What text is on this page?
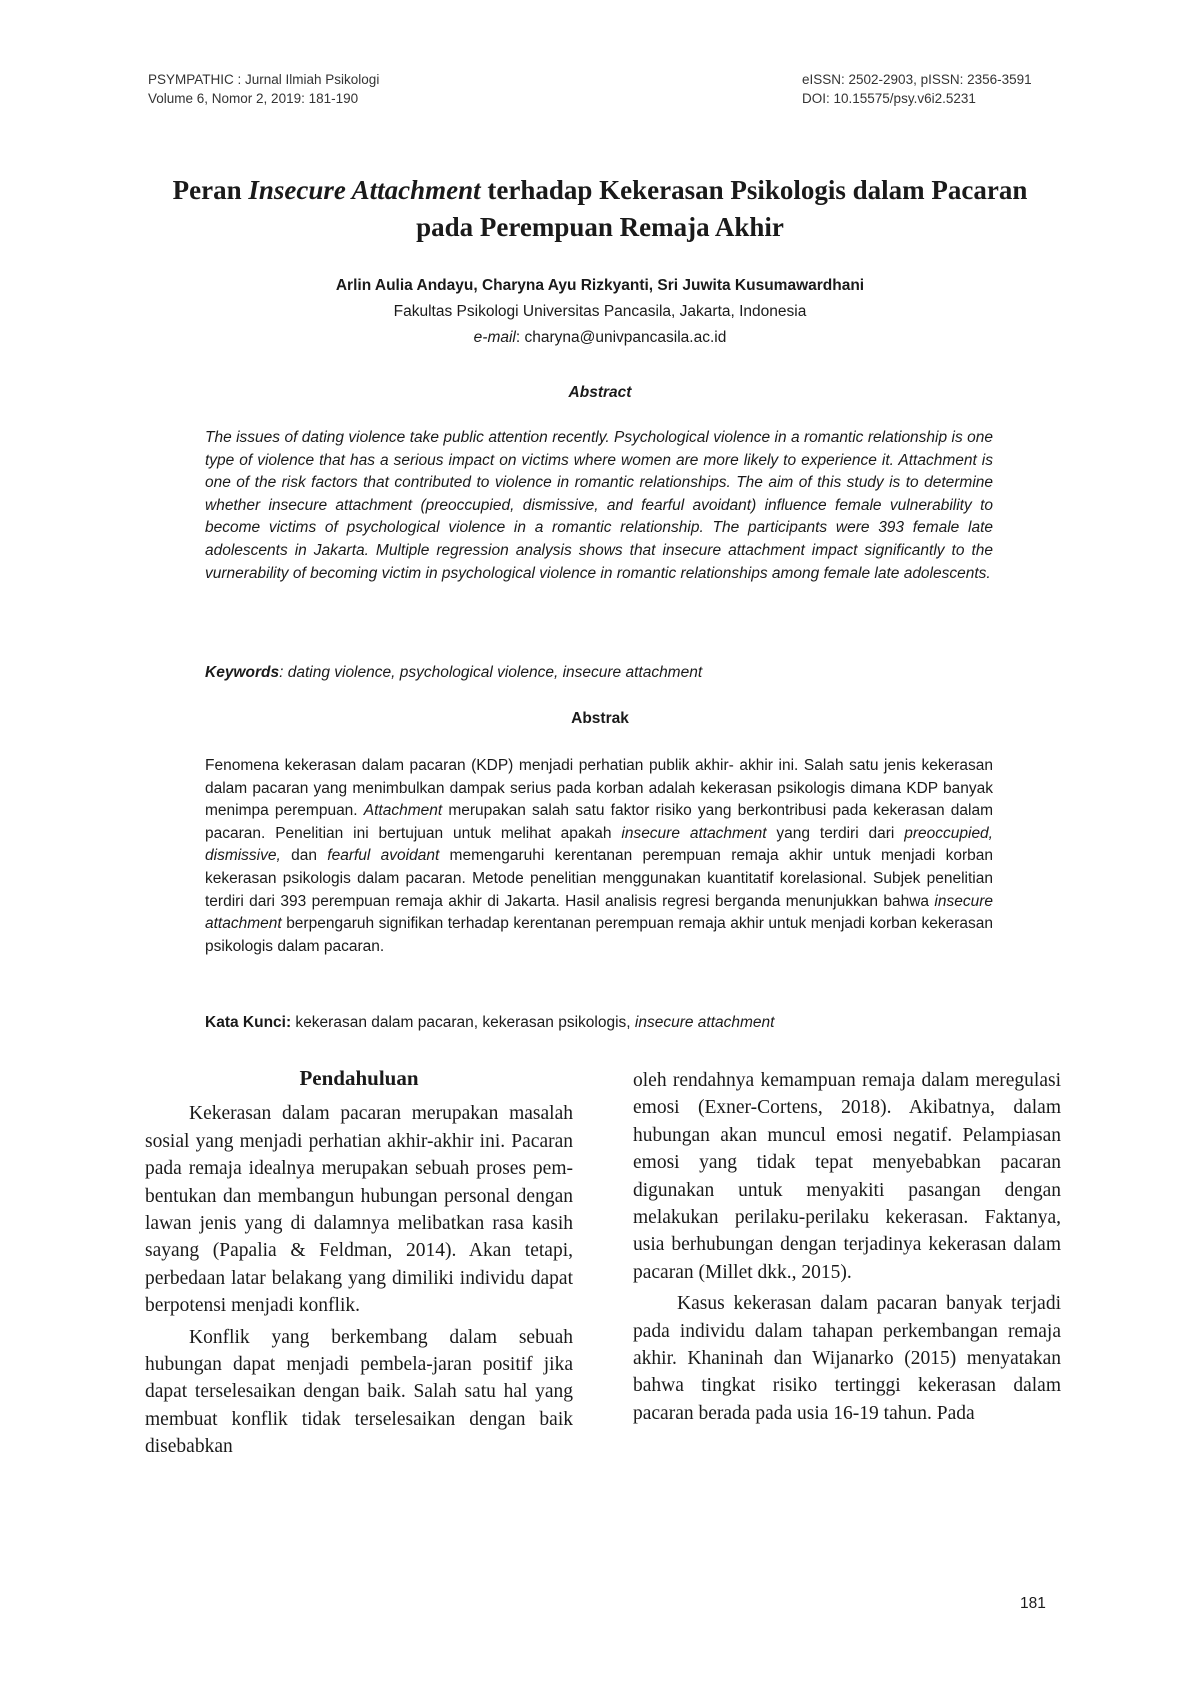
PSYMPATHIC : Jurnal Ilmiah Psikologi
Volume 6, Nomor 2, 2019: 181-190
eISSN: 2502-2903, pISSN: 2356-3591
DOI: 10.15575/psy.v6i2.5231
Peran Insecure Attachment terhadap Kekerasan Psikologis dalam Pacaran pada Perempuan Remaja Akhir
Arlin Aulia Andayu, Charyna Ayu Rizkyanti, Sri Juwita Kusumawardhani
Fakultas Psikologi Universitas Pancasila, Jakarta, Indonesia
e-mail: charyna@univpancasila.ac.id
Abstract
The issues of dating violence take public attention recently. Psychological violence in a romantic relationship is one type of violence that has a serious impact on victims where women are more likely to experience it. Attachment is one of the risk factors that contributed to violence in romantic relationships. The aim of this study is to determine whether insecure attachment (preoccupied, dismissive, and fearful avoidant) influence female vulnerability to become victims of psychological violence in a romantic relationship. The participants were 393 female late adolescents in Jakarta. Multiple regression analysis shows that insecure attachment impact significantly to the vurnerability of becoming victim in psychological violence in romantic relationships among female late adolescents.
Keywords: dating violence, psychological violence, insecure attachment
Abstrak
Fenomena kekerasan dalam pacaran (KDP) menjadi perhatian publik akhir- akhir ini. Salah satu jenis kekerasan dalam pacaran yang menimbulkan dampak serius pada korban adalah kekerasan psikologis dimana KDP banyak menimpa perempuan. Attachment merupakan salah satu faktor risiko yang berkontribusi pada kekerasan dalam pacaran. Penelitian ini bertujuan untuk melihat apakah insecure attachment yang terdiri dari preoccupied, dismissive, dan fearful avoidant memengaruhi kerentanan perempuan remaja akhir untuk menjadi korban kekerasan psikologis dalam pacaran. Metode penelitian menggunakan kuantitatif korelasional. Subjek penelitian terdiri dari 393 perempuan remaja akhir di Jakarta. Hasil analisis regresi berganda menunjukkan bahwa insecure attachment berpengaruh signifikan terhadap kerentanan perempuan remaja akhir untuk menjadi korban kekerasan psikologis dalam pacaran.
Kata Kunci: kekerasan dalam pacaran, kekerasan psikologis, insecure attachment
Pendahuluan

Kekerasan dalam pacaran merupakan masalah sosial yang menjadi perhatian akhir-akhir ini. Pacaran pada remaja idealnya merupakan sebuah proses pem-bentukan dan membangun hubungan personal dengan lawan jenis yang di dalamnya melibatkan rasa kasih sayang (Papalia & Feldman, 2014). Akan tetapi, perbedaan latar belakang yang dimiliki individu dapat berpotensi menjadi konflik.

Konflik yang berkembang dalam sebuah hubungan dapat menjadi pembela-jaran positif jika dapat terselesaikan dengan baik. Salah satu hal yang membuat konflik tidak terselesaikan dengan baik disebabkan

oleh rendahnya kemampuan remaja dalam meregulasi emosi (Exner-Cortens, 2018). Akibatnya, dalam hubungan akan muncul emosi negatif. Pelampiasan emosi yang tidak tepat menyebabkan pacaran digunakan untuk menyakiti pasangan dengan melakukan perilaku-perilaku kekerasan. Faktanya, usia berhubungan dengan terjadinya kekerasan dalam pacaran (Millet dkk., 2015).

Kasus kekerasan dalam pacaran banyak terjadi pada individu dalam tahapan perkembangan remaja akhir. Khaninah dan Wijanarko (2015) menyatakan bahwa tingkat risiko tertinggi kekerasan dalam pacaran berada pada usia 16-19 tahun. Pada

181
